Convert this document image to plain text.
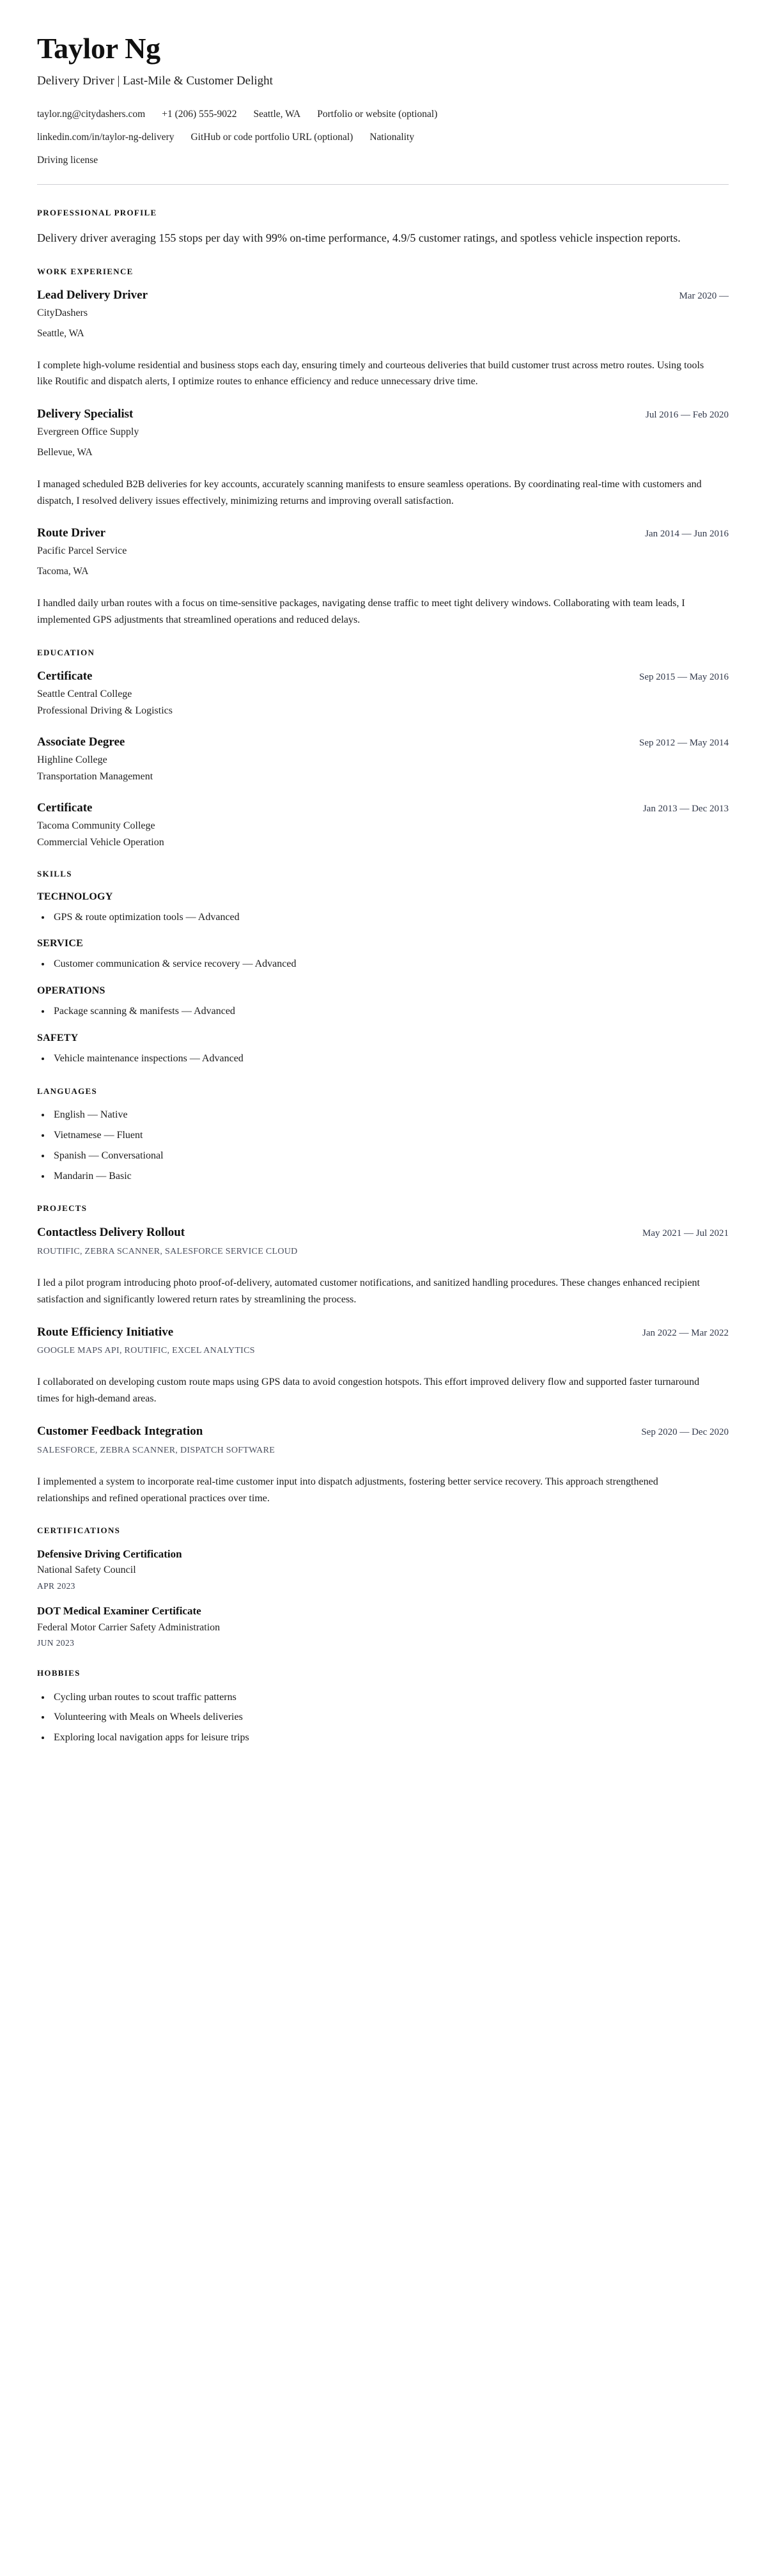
Taylor Ng

Delivery Driver | Last-Mile & Customer Delight

taylor.ng@citydashers.com +1 (206) 555-9022 Seattle, WA Portfolio or website (optional)
linkedin.com/in/taylor-ng-delivery GitHub or code portfolio URL (optional) Nationality
Driving license
PROFESSIONAL PROFILE

Delivery driver averaging 155 stops per day with 99% on-time performance, 4.9/5 customer ratings, and spotless vehicle inspection reports.

WORK EXPERIENCE
Lead Delivery Driver	Mar 2020 —

CityDashers

Seattle, WA

I complete high-volume residential and business stops each day, ensuring timely and courteous deliveries that build customer trust across metro routes. Using tools like Routific and dispatch alerts, I optimize routes to enhance efficiency and reduce unnecessary drive time.

Delivery Specialist	Jul 2016 — Feb 2020

Evergreen Office Supply

Bellevue, WA

I managed scheduled B2B deliveries for key accounts, accurately scanning manifests to ensure seamless operations. By coordinating real-time with customers and dispatch, I resolved delivery issues effectively, minimizing returns and improving overall satisfaction.

Route Driver	Jan 2014 — Jun 2016

Pacific Parcel Service

Tacoma, WA

I handled daily urban routes with a focus on time-sensitive packages, navigating dense traffic to meet tight delivery windows. Collaborating with team leads, I implemented GPS adjustments that streamlined operations and reduced delays.

EDUCATION
Certificate	Sep 2015 — May 2016

Seattle Central College

Professional Driving & Logistics

Associate Degree	Sep 2012 — May 2014

Highline College

Transportation Management

Certificate	Jan 2013 — Dec 2013

Tacoma Community College

Commercial Vehicle Operation

SKILLS
TECHNOLOGY
GPS & route optimization tools — Advanced
SERVICE
Customer communication & service recovery — Advanced
OPERATIONS
Package scanning & manifests — Advanced
SAFETY
Vehicle maintenance inspections — Advanced
LANGUAGES
English — Native
Vietnamese — Fluent
Spanish — Conversational
Mandarin — Basic
PROJECTS
Contactless Delivery Rollout	May 2021 — Jul 2021

ROUTIFIC, ZEBRA SCANNER, SALESFORCE SERVICE CLOUD

I led a pilot program introducing photo proof-of-delivery, automated customer notifications, and sanitized handling procedures. These changes enhanced recipient satisfaction and significantly lowered return rates by streamlining the process.

Route Efficiency Initiative	Jan 2022 — Mar 2022

GOOGLE MAPS API, ROUTIFIC, EXCEL ANALYTICS

I collaborated on developing custom route maps using GPS data to avoid congestion hotspots. This effort improved delivery flow and supported faster turnaround times for high-demand areas.

Customer Feedback Integration	Sep 2020 — Dec 2020

SALESFORCE, ZEBRA SCANNER, DISPATCH SOFTWARE

I implemented a system to incorporate real-time customer input into dispatch adjustments, fostering better service recovery. This approach strengthened relationships and refined operational practices over time.

CERTIFICATIONS
Defensive Driving Certification

National Safety Council

APR 2023

DOT Medical Examiner Certificate

Federal Motor Carrier Safety Administration

JUN 2023

HOBBIES
Cycling urban routes to scout traffic patterns
Volunteering with Meals on Wheels deliveries
Exploring local navigation apps for leisure trips
